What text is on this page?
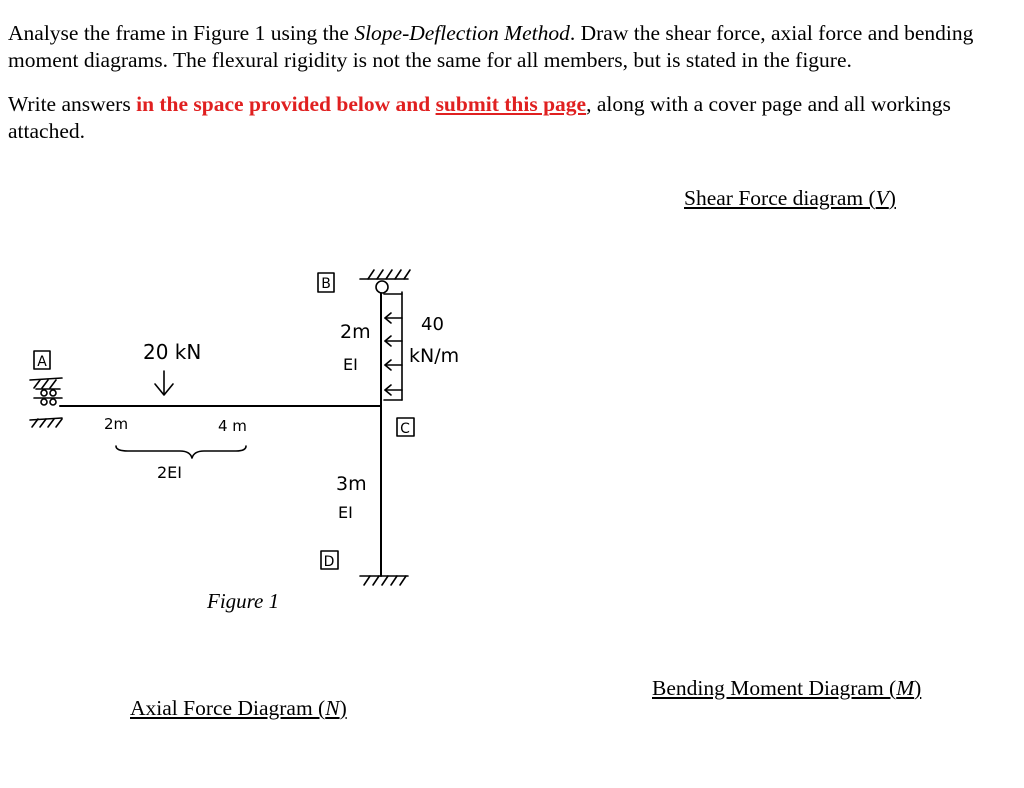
Analyse the frame in Figure 1 using the Slope-Deflection Method. Draw the shear force, axial force and bending moment diagrams. The flexural rigidity is not the same for all members, but is stated in the figure.

Write answers in the space provided below and submit this page, along with a cover page and all workings attached.

Shear Force diagram (V)
Bending Moment Diagram (M)
Axial Force Diagram (N)
A
B
C
D
20 kN
2m	4 m
2EI
2m
EI
3m
EI
40
kN/m
Figure 1
